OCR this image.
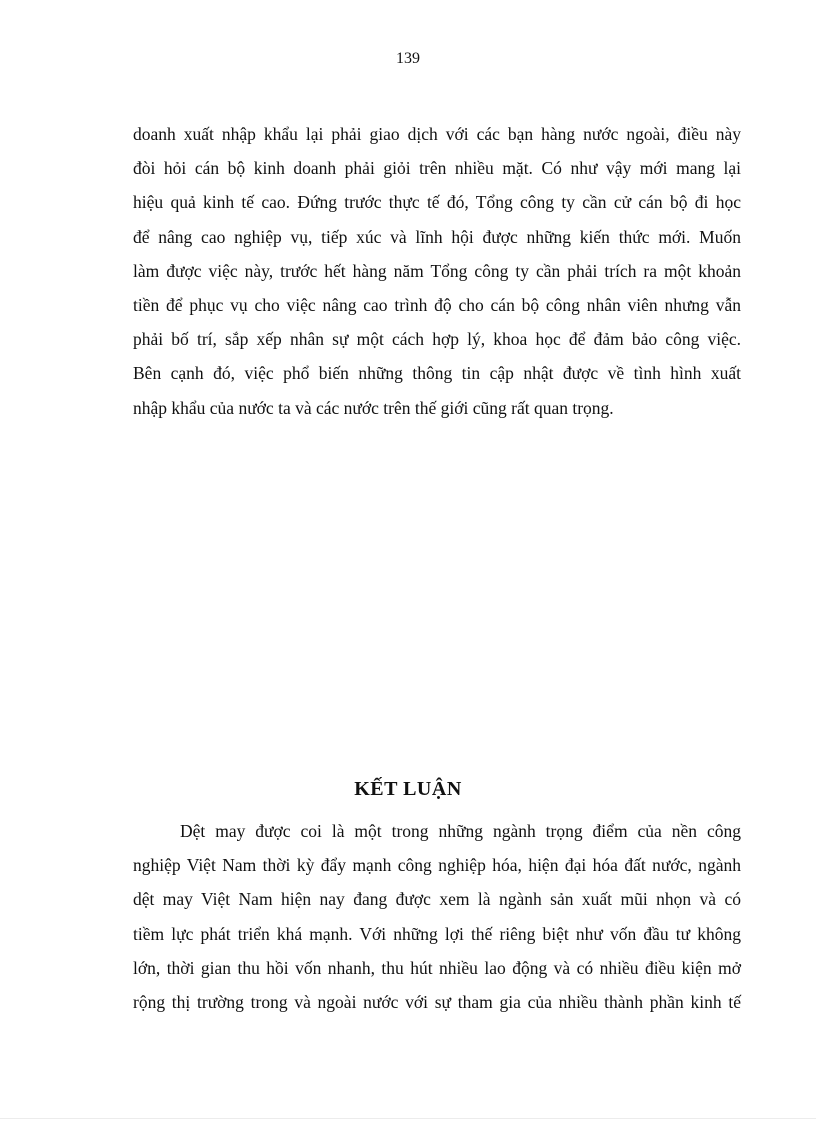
139
doanh xuất nhập khẩu lại phải giao dịch với các bạn hàng nước ngoài, điều này
đòi hỏi cán bộ kinh doanh phải giỏi trên nhiều mặt. Có như vậy mới mang lại
hiệu quả kinh tế cao. Đứng trước thực tế đó, Tổng công ty cần cử cán bộ đi học
để nâng cao nghiệp vụ, tiếp xúc và lĩnh hội được những kiến thức mới. Muốn
làm được việc này, trước hết hàng năm Tổng công ty cần phải trích ra một khoản
tiền để phục vụ cho việc nâng cao trình độ cho cán bộ công nhân viên nhưng vẫn
phải bố trí, sắp xếp nhân sự một cách hợp lý, khoa học để đảm bảo công việc.
Bên cạnh đó, việc phổ biến những thông tin cập nhật được về tình hình xuất
nhập khẩu của nước ta và các nước trên thế giới cũng rất quan trọng.
KẾT LUẬN
Dệt may được coi là một trong những ngành trọng điểm của nền công
nghiệp Việt Nam thời kỳ đẩy mạnh công nghiệp hóa, hiện đại hóa đất nước, ngành
dệt may Việt Nam hiện nay đang được xem là ngành sản xuất mũi nhọn và có
tiềm lực phát triển khá mạnh. Với những lợi thế riêng biệt như vốn đầu tư không
lớn, thời gian thu hồi vốn nhanh, thu hút nhiều lao động và có nhiều điều kiện mở
rộng thị trường trong và ngoài nước với sự tham gia của nhiều thành phần kinh tế
